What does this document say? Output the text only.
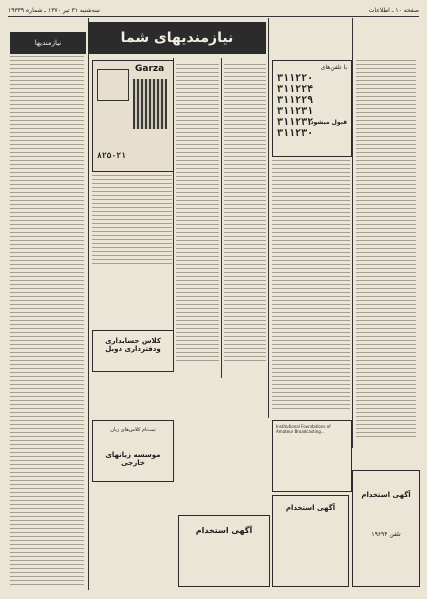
سه‌شنبه ۳۱ تیر ۱۳۷۰ ـ شماره ۱۹۳۳۹	صفحه ۱۰ ـ اطلاعات
نیازمندیهای شما
نیازمندیها
Garza
۸۲۵۰۲۱
کلاس حسابداری ودفترداری دوبل
ثبت‌نام کلاس‌های زبان
موسسه زبانهای خارجی
آگهی استخدام
با تلفن‌های
۳۱۱۲۲۰
۳۱۱۲۲۴
۳۱۱۲۲۹
۳۱۱۲۳۱
۳۱۱۲۳۲
۳۱۱۲۳۰
قبول میشود
Institutional Foundations of Amateur Broadcasting...
آگهی استخدام
آگهی استخدام
تلفن ۱۹۶۹۴
